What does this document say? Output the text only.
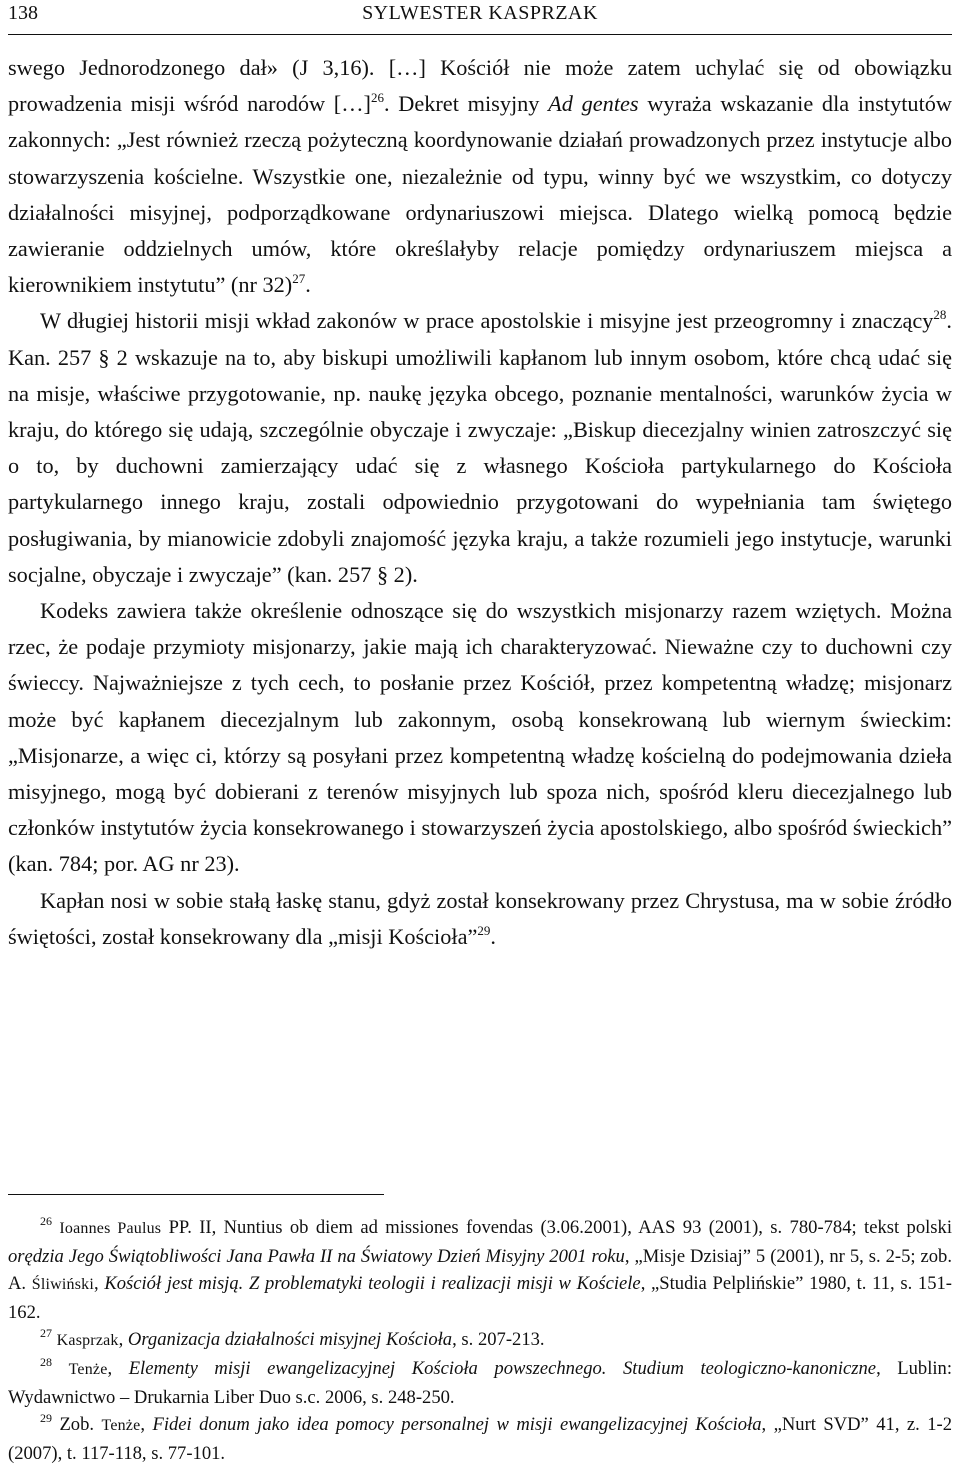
138	SYLWESTER KASPRZAK

swego Jednorodzonego dał» (J 3,16). […] Kościół nie może zatem uchylać się od obowiązku prowadzenia misji wśród narodów […]$^{26}$. Dekret misyjny Ad gentes wyraża wskazanie dla instytutów zakonnych: „Jest również rzeczą pożyteczną koordynowanie działań prowadzonych przez instytucje albo stowarzyszenia kościelne. Wszystkie one, niezależnie od typu, winny być we wszystkim, co dotyczy działalności misyjnej, podporządkowane ordynariuszowi miejsca. Dlatego wielką pomocą będzie zawieranie oddzielnych umów, które określałyby relacje pomiędzy ordynariuszem miejsca a kierownikiem instytutu” (nr 32)$^{27}$.

W długiej historii misji wkład zakonów w prace apostolskie i misyjne jest przeogromny i znaczący$^{28}$. Kan. 257 § 2 wskazuje na to, aby biskupi umożliwili kapłanom lub innym osobom, które chcą udać się na misje, właściwe przygotowanie, np. naukę języka obcego, poznanie mentalności, warunków życia w kraju, do którego się udają, szczególnie obyczaje i zwyczaje: „Biskup diecezjalny winien zatroszczyć się o to, by duchowni zamierzający udać się z własnego Kościoła partykularnego do Kościoła partykularnego innego kraju, zostali odpowiednio przygotowani do wypełniania tam świętego posługiwania, by mianowicie zdobyli znajomość języka kraju, a także rozumieli jego instytucje, warunki socjalne, obyczaje i zwyczaje” (kan. 257 § 2).

Kodeks zawiera także określenie odnoszące się do wszystkich misjonarzy razem wziętych. Można rzec, że podaje przymioty misjonarzy, jakie mają ich charakteryzować. Nieważne czy to duchowni czy świeccy. Najważniejsze z tych cech, to posłanie przez Kościół, przez kompetentną władzę; misjonarz może być kapłanem diecezjalnym lub zakonnym, osobą konsekrowaną lub wiernym świeckim: „Misjonarze, a więc ci, którzy są posyłani przez kompetentną władzę kościelną do podejmowania dzieła misyjnego, mogą być dobierani z terenów misyjnych lub spoza nich, spośród kleru diecezjalnego lub członków instytutów życia konsekrowanego i stowarzyszeń życia apostolskiego, albo spośród świeckich” (kan. 784; por. AG nr 23).

Kapłan nosi w sobie stałą łaskę stanu, gdyż został konsekrowany przez Chrystusa, ma w sobie źródło świętości, został konsekrowany dla „misji Kościoła”$^{29}$.

$^{26}$ Ioannes Paulus PP. II, Nuntius ob diem ad missiones fovendas (3.06.2001), AAS 93 (2001), s. 780-784; tekst polski orędzia Jego Świątobliwości Jana Pawła II na Światowy Dzień Misyjny 2001 roku, „Misje Dzisiaj” 5 (2001), nr 5, s. 2-5; zob. A. Śliwiński, Kościół jest misją. Z problematyki teologii i realizacji misji w Kościele, „Studia Pelplińskie” 1980, t. 11, s. 151-162.

$^{27}$ Kasprzak, Organizacja działalności misyjnej Kościoła, s. 207-213.

$^{28}$ Tenże, Elementy misji ewangelizacyjnej Kościoła powszechnego. Studium teologiczno-kanoniczne, Lublin: Wydawnictwo – Drukarnia Liber Duo s.c. 2006, s. 248-250.

$^{29}$ Zob. Tenże, Fidei donum jako idea pomocy personalnej w misji ewangelizacyjnej Kościoła, „Nurt SVD” 41, z. 1-2 (2007), t. 117-118, s. 77-101.
